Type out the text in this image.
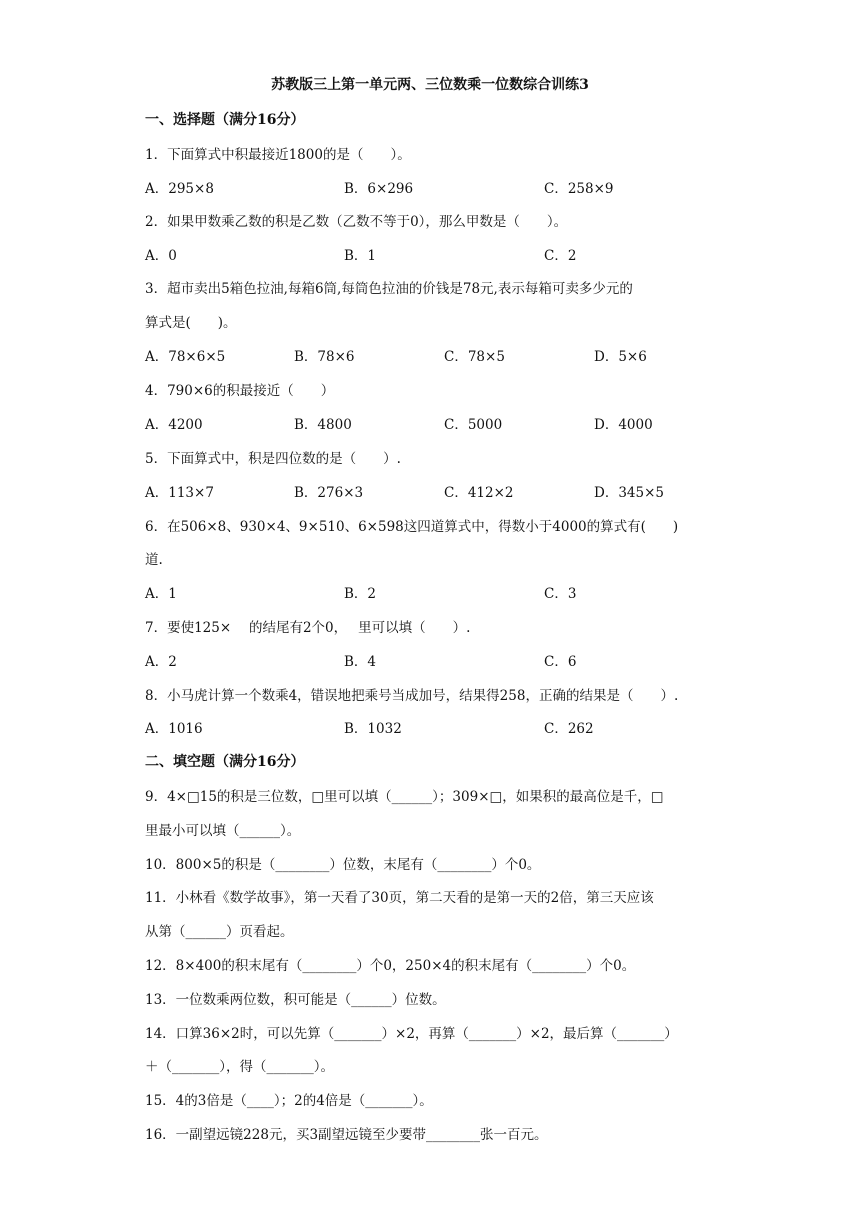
苏教版三上第一单元两、三位数乘一位数综合训练3
一、选择题（满分16分）
1．下面算式中积最接近1800的是（　　）。
A．295×8	B．6×296	C．258×9
2．如果甲数乘乙数的积是乙数（乙数不等于0），那么甲数是（　　）。
A．0	B．1	C．2
3．超市卖出5箱色拉油,每箱6筒,每筒色拉油的价钱是78元,表示每箱可卖多少元的
算式是(　　)。
A．78×6×5	B．78×6	C．78×5	D．5×6
4．790×6的积最接近（　　）
A．4200	B．4800	C．5000	D．4000
5．下面算式中，积是四位数的是（　　）.
A．113×7	B．276×3	C．412×2	D．345×5
6．在506×8、930×4、9×510、6×598这四道算式中，得数小于4000的算式有(　　)
道.
A．1	B．2	C．3
7．要使125×　 的结尾有2个0，　 里可以填（　　）.
A．2	B．4	C．6
8．小马虎计算一个数乘4，错误地把乘号当成加号，结果得258，正确的结果是（　　）.
A．1016	B．1032	C．262
二、填空题（满分16分）
9．4×□15的积是三位数，□里可以填（______）；309×□，如果积的最高位是千，□
里最小可以填（______）。
10．800×5的积是（________）位数，末尾有（________）个0。
11．小林看《数学故事》，第一天看了30页，第二天看的是第一天的2倍，第三天应该
从第（______）页看起。
12．8×400的积末尾有（________）个0，250×4的积末尾有（________）个0。
13．一位数乘两位数，积可能是（______）位数。
14．口算36×2时，可以先算（_______）×2，再算（_______）×2，最后算（_______）
＋（_______），得（_______）。
15．4的3倍是（____）；2的4倍是（_______）。
16．一副望远镜228元，买3副望远镜至少要带________张一百元。
